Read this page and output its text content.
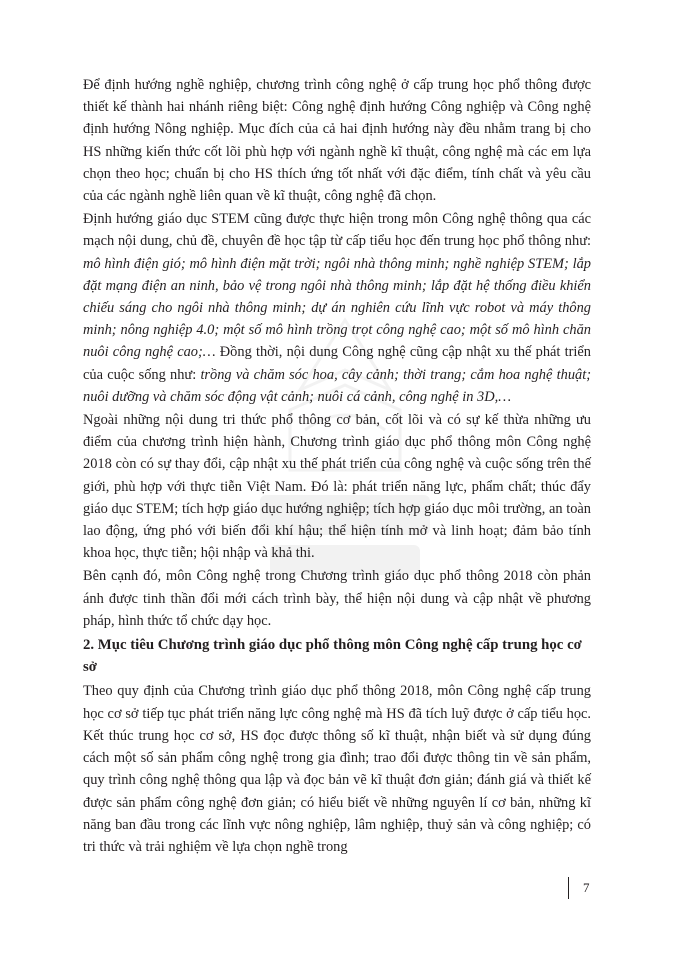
Để định hướng nghề nghiệp, chương trình công nghệ ở cấp trung học phổ thông được thiết kế thành hai nhánh riêng biệt: Công nghệ định hướng Công nghiệp và Công nghệ định hướng Nông nghiệp. Mục đích của cả hai định hướng này đều nhằm trang bị cho HS những kiến thức cốt lõi phù hợp với ngành nghề kĩ thuật, công nghệ mà các em lựa chọn theo học; chuẩn bị cho HS thích ứng tốt nhất với đặc điểm, tính chất và yêu cầu của các ngành nghề liên quan về kĩ thuật, công nghệ đã chọn.

Định hướng giáo dục STEM cũng được thực hiện trong môn Công nghệ thông qua các mạch nội dung, chủ đề, chuyên đề học tập từ cấp tiểu học đến trung học phổ thông như: mô hình điện gió; mô hình điện mặt trời; ngôi nhà thông minh; nghề nghiệp STEM; lắp đặt mạng điện an ninh, bảo vệ trong ngôi nhà thông minh; lắp đặt hệ thống điều khiển chiếu sáng cho ngôi nhà thông minh; dự án nghiên cứu lĩnh vực robot và máy thông minh; nông nghiệp 4.0; một số mô hình trồng trọt công nghệ cao; một số mô hình chăn nuôi công nghệ cao;… Đồng thời, nội dung Công nghệ cũng cập nhật xu thế phát triển của cuộc sống như: trồng và chăm sóc hoa, cây cảnh; thời trang; cắm hoa nghệ thuật; nuôi dưỡng và chăm sóc động vật cảnh; nuôi cá cảnh, công nghệ in 3D,…

Ngoài những nội dung tri thức phổ thông cơ bản, cốt lõi và có sự kế thừa những ưu điểm của chương trình hiện hành, Chương trình giáo dục phổ thông môn Công nghệ 2018 còn có sự thay đổi, cập nhật xu thế phát triển của công nghệ và cuộc sống trên thế giới, phù hợp với thực tiễn Việt Nam. Đó là: phát triển năng lực, phẩm chất; thúc đẩy giáo dục STEM; tích hợp giáo dục hướng nghiệp; tích hợp giáo dục môi trường, an toàn lao động, ứng phó với biến đổi khí hậu; thể hiện tính mở và linh hoạt; đảm bảo tính khoa học, thực tiễn; hội nhập và khả thi.

Bên cạnh đó, môn Công nghệ trong Chương trình giáo dục phổ thông 2018 còn phản ánh được tinh thần đổi mới cách trình bày, thể hiện nội dung và cập nhật về phương pháp, hình thức tổ chức dạy học.

2. Mục tiêu Chương trình giáo dục phổ thông môn Công nghệ cấp trung học cơ sở

Theo quy định của Chương trình giáo dục phổ thông 2018, môn Công nghệ cấp trung học cơ sở tiếp tục phát triển năng lực công nghệ mà HS đã tích luỹ được ở cấp tiểu học. Kết thúc trung học cơ sở, HS đọc được thông số kĩ thuật, nhận biết và sử dụng đúng cách một số sản phẩm công nghệ trong gia đình; trao đổi được thông tin về sản phẩm, quy trình công nghệ thông qua lập và đọc bản vẽ kĩ thuật đơn giản; đánh giá và thiết kế được sản phẩm công nghệ đơn giản; có hiểu biết về những nguyên lí cơ bản, những kĩ năng ban đầu trong các lĩnh vực nông nghiệp, lâm nghiệp, thuỷ sản và công nghiệp; có tri thức và trải nghiệm về lựa chọn nghề trong

7
